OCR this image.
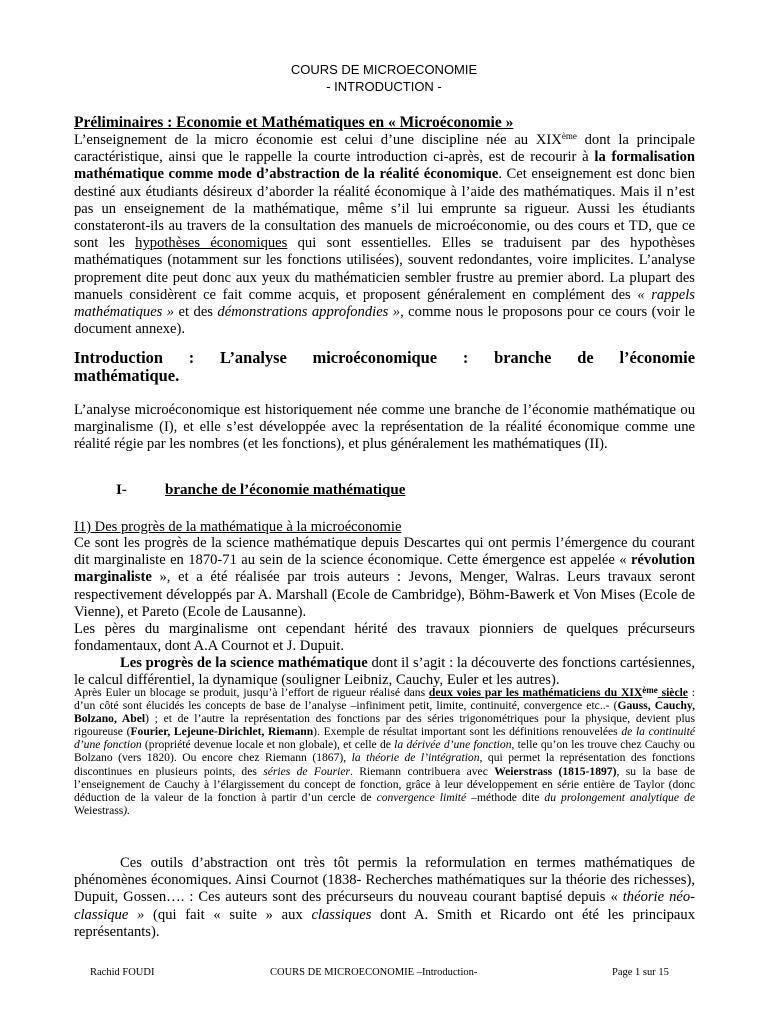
COURS DE MICROECONOMIE
- INTRODUCTION -
Préliminaires : Economie et Mathématiques en « Microéconomie »

L’enseignement de la micro économie est celui d’une discipline née au XIXème dont la principale caractéristique, ainsi que le rappelle la courte introduction ci-après, est de recourir à la formalisation mathématique comme mode d’abstraction de la réalité économique. Cet enseignement est donc bien destiné aux étudiants désireux d’aborder la réalité économique à l’aide des mathématiques. Mais il n’est pas un enseignement de la mathématique, même s’il lui emprunte sa rigueur. Aussi les étudiants constateront-ils au travers de la consultation des manuels de microéconomie, ou des cours et TD, que ce sont les hypothèses économiques qui sont essentielles. Elles se traduisent par des hypothèses mathématiques (notamment sur les fonctions utilisées), souvent redondantes, voire implicites. L’analyse proprement dite peut donc aux yeux du mathématicien sembler frustre au premier abord. La plupart des manuels considèrent ce fait comme acquis, et proposent généralement en complément des « rappels mathématiques » et des démonstrations approfondies », comme nous le proposons pour ce cours (voir le document annexe).

Introduction : L’analyse microéconomique : branche de l’économie
mathématique.

L’analyse microéconomique est historiquement née comme une branche de l’économie mathématique ou marginalisme (I), et elle s’est développée avec la représentation de la réalité économique comme une réalité régie par les nombres (et les fonctions), et plus généralement les mathématiques (II).

I-	branche de l’économie mathématique
I1) Des progrès de la mathématique à la microéconomie

Ce sont les progrès de la science mathématique depuis Descartes qui ont permis l’émergence du courant dit marginaliste en 1870-71 au sein de la science économique. Cette émergence est appelée « révolution marginaliste », et a été réalisée par trois auteurs : Jevons, Menger, Walras. Leurs travaux seront respectivement développés par A. Marshall (Ecole de Cambridge), Böhm-Bawerk et Von Mises (Ecole de Vienne), et Pareto (Ecole de Lausanne).

Les pères du marginalisme ont cependant hérité des travaux pionniers de quelques précurseurs fondamentaux, dont A.A Cournot et J. Dupuit.

Les progrès de la science mathématique dont il s’agit : la découverte des fonctions cartésiennes, le calcul différentiel, la dynamique (souligner Leibniz, Cauchy, Euler et les autres).

Après Euler un blocage se produit, jusqu’à l’effort de rigueur réalisé dans deux voies par les mathématiciens du XIXème siècle : d’un côté sont élucidés les concepts de base de l’analyse –infiniment petit, limite, continuité, convergence etc..- (Gauss, Cauchy, Bolzano, Abel) ; et de l’autre la représentation des fonctions par des séries trigonométriques pour la physique, devient plus rigoureuse (Fourier, Lejeune-Dirichlet, Riemann). Exemple de résultat important sont les définitions renouvelées de la continuité d’une fonction (propriété devenue locale et non globale), et celle de la dérivée d’une fonction, telle qu’on les trouve chez Cauchy ou Bolzano (vers 1820). Ou encore chez Riemann (1867), la théorie de l’intégration, qui permet la représentation des fonctions discontinues en plusieurs points, des séries de Fourier. Riemann contribuera avec Weierstrass (1815-1897), su la base de l’enseignement de Cauchy à l’élargissement du concept de fonction, grâce à leur développement en série entière de Taylor (donc déduction de la valeur de la fonction à partir d’un cercle de convergence limité –méthode dite du prolongement analytique de Weiestrass).

Ces outils d’abstraction ont très tôt permis la reformulation en termes mathématiques de phénomènes économiques. Ainsi Cournot (1838- Recherches mathématiques sur la théorie des richesses), Dupuit, Gossen…. : Ces auteurs sont des précurseurs du nouveau courant baptisé depuis « théorie néo-classique » (qui fait « suite » aux classiques dont A. Smith et Ricardo ont été les principaux représentants).

Rachid FOUDI	COURS DE MICROECONOMIE –Introduction-	Page 1 sur 15
